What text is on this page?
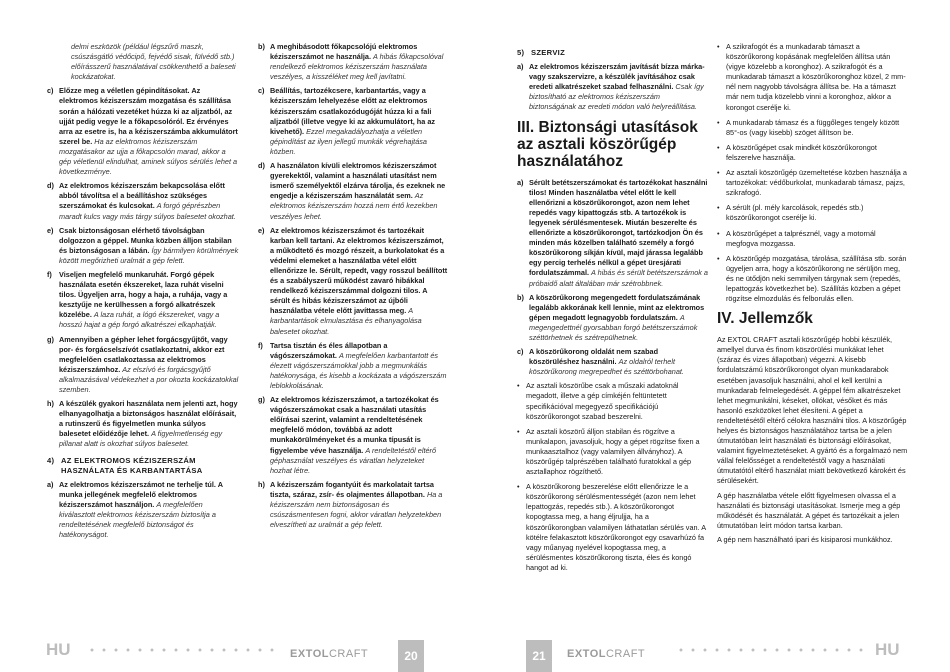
delmi eszközök (például légszűrő maszk, csúszásgátló védőcipő, fejvédő sisak, fülvédő stb.) előírásszerű használatával csökkenthető a baleseti kockázatokat.

c) Előzze meg a véletlen gépindításokat. Az elektromos kéziszerszám mozgatása és szállítása során a hálózati vezetéket húzza ki az aljzatból, az ujját pedig vegye le a főkapcsolóról. Ez érvényes arra az esetre is, ha a kéziszerszámba akkumulátort szerel be. Ha az elektromos kéziszerszám mozgatásakor az ujja a főkapcsolón marad, akkor a gép véletlenül elindulhat, aminek súlyos sérülés lehet a következménye.
d) Az elektromos kéziszerszám bekapcsolása előtt abból távolítsa el a beállításhoz szükséges szerszámokat és kulcsokat. A forgó géprészben maradt kulcs vagy más tárgy súlyos balesetet okozhat.
e) Csak biztonságosan elérhető távolságban dolgozzon a géppel. Munka közben álljon stabilan és biztonságosan a lábán. Így bármilyen körülmények között megőrizheti uralmát a gép felett.
f) Viseljen megfelelő munkaruhát. Forgó gépek használata esetén ékszereket, laza ruhát viselni tilos. Ügyeljen arra, hogy a haja, a ruhája, vagy a kesztyűje ne kerülhessen a forgó alkatrészek közelébe. A laza ruhát, a lógó ékszereket, vagy a hosszú hajat a gép forgó alkatrészei elkaphatják.
g) Amennyiben a gépher lehet forgácsgyűjtőt, vagy por- és forgácselszívót csatlakoztatni, akkor ezt megfelelően csatlakoztassa az elektromos kéziszerszámhoz. Az elszívó és forgácsgyűjtő alkalmazásával védekezhet a por okozta kockázatokkal szemben.
h) A készülék gyakori használata nem jelenti azt, hogy elhanyagolhatja a biztonságos használat előírásait, a rutinszerű és figyelmetlen munka súlyos balesetet előidézője lehet. A figyelmetlenség egy pillanat alatt is okozhat súlyos balesetet.
4) AZ ELEKTROMOS KÉZISZERSZÁM HASZNÁLATA ÉS KARBANTARTÁSA
a) Az elektromos kéziszerszámot ne terhelje túl. A munka jellegének megfelelő elektromos kéziszerszámot használjon. A megfelelően kiválasztott elektromos kéziszerszám biztosítja a rendeltetésének megfelelő biztonságot és hatékonyságot.
b) A meghibásodott főkapcsolójú elektromos kéziszerszámot ne használja. A hibás főkapcsolóval rendelkező elektromos kéziszerszám használata veszélyes, a kisszéléket meg kell javítatni.
c) Beállítás, tartozékcsere, karbantartás, vagy a kéziszerszám lehelyezése előtt az elektromos kéziszerszám csatlakozódugóját húzza ki a fali aljzatból (illetve vegye ki az akkumulátort, ha az kivehető). Ezzel megakadályozhatja a véletlen gépindítást az ilyen jellegű munkák végrehajtása közben.
d) A használaton kívüli elektromos kéziszerszámot gyerekektől, valamint a használati utasítást nem ismerő személyektől elzárva tárolja, és ezeknek ne engedje a kéziszerszám használatát sem. Az elektromos kéziszerszám hozzá nem értő kezekben veszélyes lehet.
e) Az elektromos kéziszerszámot és tartozékait karban kell tartani. Az elektromos kéziszerszámot, a működtető és mozgó részeit, a burkolatokat és a védelmi elemeket a használatba vétel előtt ellenőrizze le. Sérült, repedt, vagy rosszul beállított és a szabályszerű működést zavaró hibákkal rendelkező kéziszerszámmal dolgozni tilos. A sérült és hibás kéziszerszámot az újbóli használatba vétele előtt javíttassa meg. A karbantartások elmulasztása és elhanyagolása balesetet okozhat.
f) Tartsa tisztán és éles állapotban a vágószerszámokat. A megfelelően karbantartott és élezett vágószerszámokkal jobb a megmunkálás hatékonysága, és kisebb a kockázata a vágószerszám leblokkolásának.
g) Az elektromos kéziszerszámot, a tartozékokat és vágószerszámokat csak a használati utasítás előírásai szerint, valamint a rendeltetésének megfelelő módon, továbbá az adott munkakörülményeket és a munka típusát is figyelembe véve használja. A rendeltetéstől eltérő géphasználat veszélyes és váratlan helyzeteket hozhat létre.
h) A kéziszerszám fogantyúit és markolatait tartsa tiszta, száraz, zsír- és olajmentes állapotban. Ha a kéziszerszám nem biztonságosan és csúszásmentesen fogni, akkor váratlan helyzetekben elveszítheti az uralmát a gép felett.
HU	EXTOLCRAFT	20
5) SZERVIZ
a) Az elektromos kéziszerszám javítását bízza márka- vagy szakszervizre, a készülék javításához csak eredeti alkatrészeket szabad felhasználni. Csak így biztosítható az elektromos kéziszerszám biztonságának az eredeti módon való helyreállítása.
III. Biztonsági utasítások az asztali köszörűgép használatához
a) Sérült betétszerszámokat és tartozékokat használni tilos! Minden használatba vétel előtt le kell ellenőrizni a köszörűkorongot, azon nem lehet repedés vagy kipattogzás stb. A tartozékok is legyenek sérülésmentesek. Miután beszerelte és ellenőrizte a köszörűkorongot, tartózkodjon Ön és minden más közelben található személy a forgó köszörűkorong síkján kívül, majd járassa legalább egy percig terhelés nélkül a gépet üresjárati fordulatszámmal. A hibás és sérült betétszerszámok a próbaidő alatt általában már szétrobbnek.
b) A köszörűkorong megengedett fordulatszámának legalább akkorának kell lennie, mint az elektromos gépen megadott legnagyobb fordulatszám. A megengedettnél gyorsabban forgó betétszerszámok széttörhetnek és szétrepülhetnek.
c) A köszörűkorong oldalát nem szabad köszörüléshez használni. Az oldalról terhelt köszörűkorong megrepedhet és széttörbohanat.
• Az asztali köszörűbe csak a műszaki adatoknál megadott, illetve a gép címkéjén feltüntetett specifikációval megegyező specifikációjú köszörűkorongot szabad beszerelni.
• Az asztali köszörű álljon stabilan és rögzítve a munkalapon, javasoljuk, hogy a gépet rögzítse fixen a munkaasztalhoz (vagy valamilyen állványhoz). A köszörűgép talprészében található furatokkal a gép asztallaphoz rögzíthető.
• A köszörűkorong beszerelése előtt ellenőrizze le a köszörűkorong sérülésmentességét (azon nem lehet lepattogzás, repedés stb.). A köszörűkorongot kopogtassa meg, a hang éljruljja, ha a köszörűkorongban valamilyen láthatatlan sérülés van. A kötélre felakasztott köszörűkorongot egy csavarhúzó fa vagy műanyag nyelével kopogtassa meg, a sérülésmentes köszörűkorong tiszta, éles és kongó hangot ad ki.
• A szikrafogót és a munkadarab támaszt a köszörűkorong kopásának megfelelően állítsa után (vigye közelebb a koronghoz). A szikrafogót és a munkadarab támaszt a köszörűkoronghoz közel, 2 mm-nél nem nagyobb távolságra állítsa be. Ha a támaszt már nem tudja közelebb vinni a koronghoz, akkor a korongot cserélje ki.
• A munkadarab támasz és a függőleges tengely között 85°-os (vagy kisebb) szöget állítson be.
• A köszörűgépet csak mindkét köszörűkorongot felszerelve használja.
• Az asztali köszörűgép üzemeltetése közben használja a tartozékokat: védőburkolat, munkadarab támasz, pajzs, szikrafogó.
• A sérült (pl. mély karcolások, repedés stb.) köszörűkorongot cserélje ki.
• A köszörűgépet a talprésznél, vagy a motornál megfogva mozgassa.
• A köszörűgép mozgatása, tárolása, szállítása stb. során ügyeljen arra, hogy a köszörűkorong ne sérüljön meg, és ne ütődjön neki semmilyen tárgynak sem (repedés, lepattogzás következhet be). Szállítás közben a gépet rögzítse elmozdulás és felborulás ellen.
IV. Jellemzők

Az EXTOL CRAFT asztali köszörűgép hobbi készülék, amellyel durva és finom köszörülési munkákat lehet (száraz és vizes állapotban) végezni. A kisebb fordulatszámú köszörűkorongot olyan munkadarabok esetében javasoljuk használni, ahol el kell kerülni a munkadarab felmelegedését. A géppel fém alkatrészeket lehet megmunkálni, késeket, ollókat, vésőket és más hasonló eszközöket lehet élesíteni. A gépet a rendeltetésétől eltérő célokra használni tilos. A köszörűgép helyes és biztonságos használatához tartsa be a jelen útmutatóban leírt használati és biztonsági előírásokat, valamint figyelmeztetéseket. A gyártó és a forgalmazó nem vállal felelősséget a rendeltetéstől vagy a használati útmutatótól eltérő használat miatt bekövetkező károkért és sérülésekért.

A gép használatba vétele előtt figyelmesen olvassa el a használati és biztonsági utasításokat. Ismerje meg a gép működését és használatát. A gépet és tartozékait a jelen útmutatóban leírt módon tartsa karban.

A gép nem használható ipari és kisiparosi munkákhoz.

21	EXTOLCRAFT	HU
